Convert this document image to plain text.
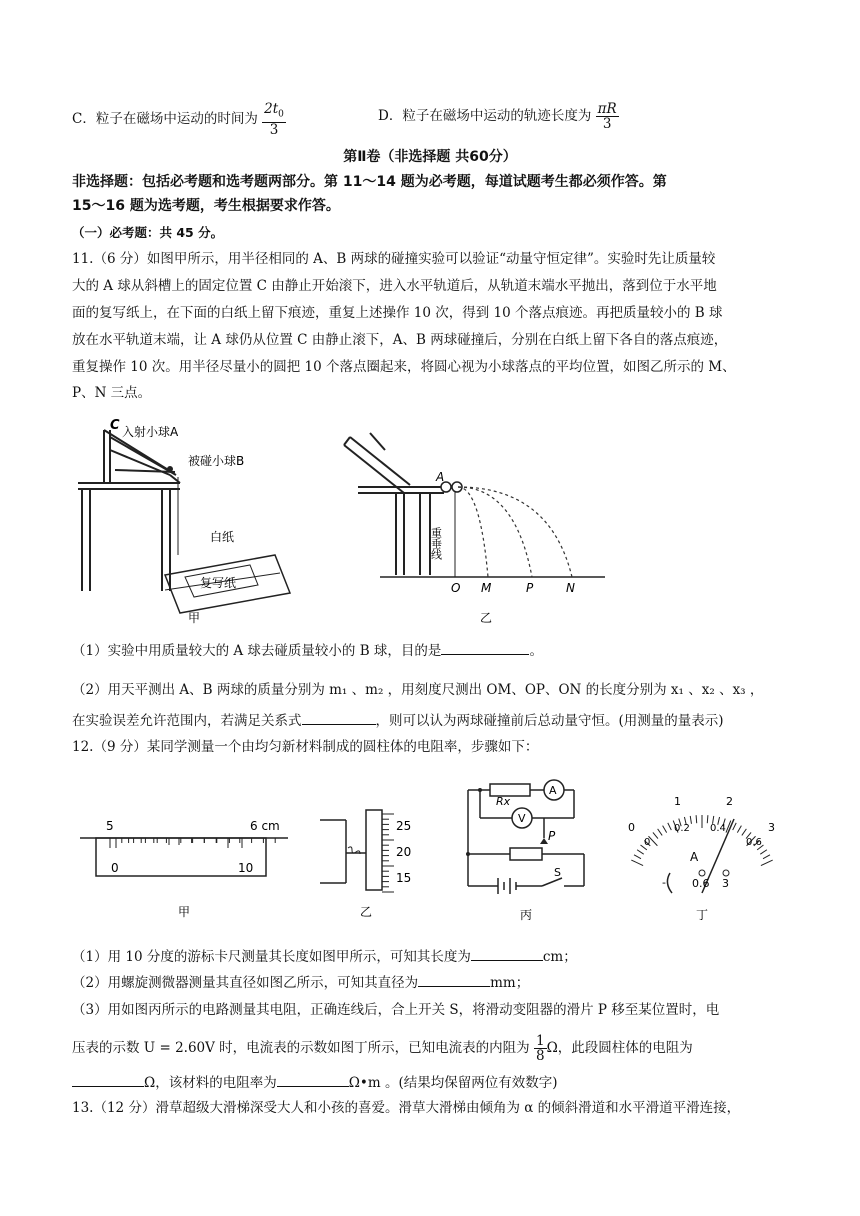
C．粒子在磁场中运动的时间为 $\frac{2t_0}{3}$	D．粒子在磁场中运动的轨迹长度为 $\frac{\pi R}{3}$
第Ⅱ卷（非选择题 共60分）
非选择题：包括必考题和选考题两部分。第 11～14 题为必考题，每道试题考生都必须作答。第
15～16 题为选考题，考生根据要求作答。
（一）必考题：共 45 分。
11.（6 分）如图甲所示，用半径相同的 A、B 两球的碰撞实验可以验证“动量守恒定律”。实验时先让质量较
大的 A 球从斜槽上的固定位置 C 由静止开始滚下，进入水平轨道后，从轨道末端水平抛出，落到位于水平地
面的复写纸上，在下面的白纸上留下痕迹，重复上述操作 10 次，得到 10 个落点痕迹。再把质量较小的 B 球
放在水平轨道末端，让 A 球仍从位置 C 由静止滚下，A、B 两球碰撞后，分别在白纸上留下各自的落点痕迹，
重复操作 10 次。用半径尽量小的圆把 10 个落点圈起来，将圆心视为小球落点的平均位置，如图乙所示的 M、
P、N 三点。
C 入射小球A
被碰小球B
白纸
复写纸
甲
A
重垂线
O M	P	N
乙
（1）实验中用质量较大的 A 球去碰质量较小的 B 球，目的是	。
（2）用天平测出 A、B 两球的质量分别为 m₁ 、m₂ ，用刻度尺测出 OM、OP、ON 的长度分别为 x₁ 、x₂ 、x₃ ，
在实验误差允许范围内，若满足关系式	，则可以认为两球碰撞前后总动量守恒。(用测量的量表示)
12.（9 分）某同学测量一个由均匀新材料制成的圆柱体的电阻率，步骤如下：
5	6 cm
0	10
甲
25
20
15
乙
Rx
A
V
P
S
丙
0
1	2
3
0
0.2 0.4
0.6
A
- 0.6 3
丁
（1）用 10 分度的游标卡尺测量其长度如图甲所示，可知其长度为	cm；
（2）用螺旋测微器测量其直径如图乙所示，可知其直径为	mm；
（3）用如图丙所示的电路测量其电阻，正确连线后，合上开关 S，将滑动变阻器的滑片 P 移至某位置时，电
压表的示数 U = 2.60V 时，电流表的示数如图丁所示，已知电流表的内阻为 $\frac{1}{8}$ Ω，此段圆柱体的电阻为
Ω，该材料的电阻率为	Ω•m 。(结果均保留两位有效数字)
13.（12 分）滑草超级大滑梯深受大人和小孩的喜爱。滑草大滑梯由倾角为 α 的倾斜滑道和水平滑道平滑连接，
